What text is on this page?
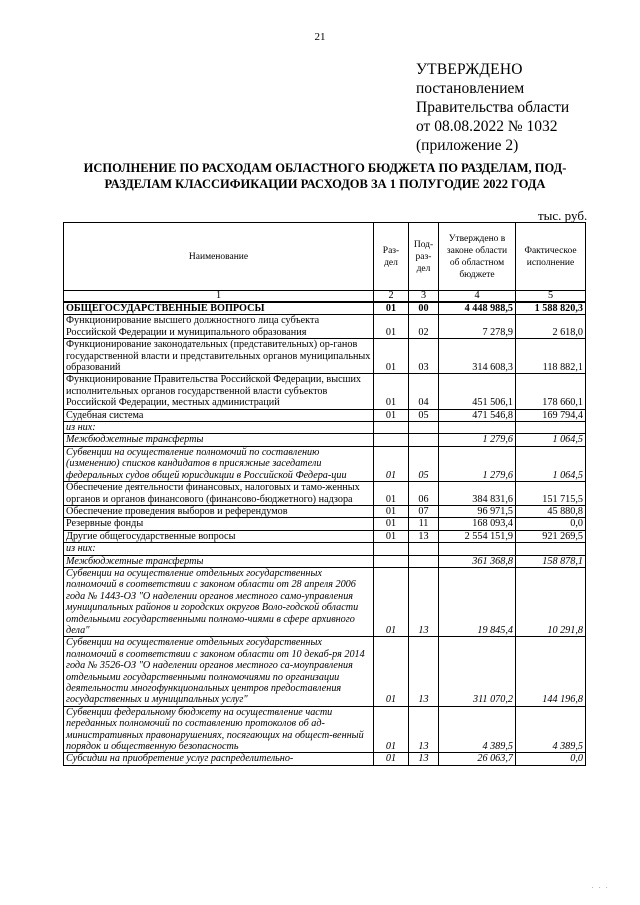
21
УТВЕРЖДЕНО
постановлением
Правительства области
от 08.08.2022 № 1032
(приложение 2)
ИСПОЛНЕНИЕ ПО РАСХОДАМ ОБЛАСТНОГО БЮДЖЕТА ПО РАЗДЕЛАМ, ПОД-РАЗДЕЛАМ КЛАССИФИКАЦИИ РАСХОДОВ ЗА 1 ПОЛУГОДИЕ 2022 ГОДА
тыс. руб.
Наименование	Раз-дел	Под-раз-дел	Утверждено в законе области об областном бюджете	Фактическое исполнение
1	2	3	4	5
ОБЩЕГОСУДАРСТВЕННЫЕ ВОПРОСЫ	01	00	4 448 988,5	1 588 820,3
Функционирование высшего должностного лица субъекта Российской Федерации и муниципального образования	01	02	7 278,9	2 618,0
Функционирование законодательных (представительных) ор-ганов государственной власти и представительных органов муниципальных образований	01	03	314 608,3	118 882,1
Функционирование Правительства Российской Федерации, высших исполнительных органов государственной власти субъектов Российской Федерации, местных администраций	01	04	451 506,1	178 660,1
Судебная система	01	05	471 546,8	169 794,4
из них:				
Межбюджетные трансферты			1 279,6	1 064,5
Субвенции на осуществление полномочий по составлению (изменению) списков кандидатов в присяжные заседатели федеральных судов общей юрисдикции в Российской Федера-ции	01	05	1 279,6	1 064,5
Обеспечение деятельности финансовых, налоговых и тамо-женных органов и органов финансового (финансово-бюджетного) надзора	01	06	384 831,6	151 715,5
Обеспечение проведения выборов и референдумов	01	07	96 971,5	45 880,8
Резервные фонды	01	11	168 093,4	0,0
Другие общегосударственные вопросы	01	13	2 554 151,9	921 269,5
из них:				
Межбюджетные трансферты			361 368,8	158 878,1
Субвенции на осуществление отдельных государственных полномочий в соответствии с законом области от 28 апреля 2006 года № 1443-ОЗ "О наделении органов местного само-управления муниципальных районов и городских округов Воло-годской области отдельными государственными полномо-чиями в сфере архивного дела"	01	13	19 845,4	10 291,8
Субвенции на осуществление отдельных государственных полномочий в соответствии с законом области от 10 декаб-ря 2014 года № 3526-ОЗ "О наделении органов местного са-моуправления отдельными государственными полномочиями по организации деятельности многофункциональных центров предоставления государственных и муниципальных услуг"	01	13	311 070,2	144 196,8
Субвенции федеральному бюджету на осуществление части переданных полномочий по составлению протоколов об ад-министративных правонарушениях, посягающих на общест-венный порядок и общественную безопасность	01	13	4 389,5	4 389,5
Субсидии на приобретение услуг распределительно-	01	13	26 063,7	0,0
. . .
